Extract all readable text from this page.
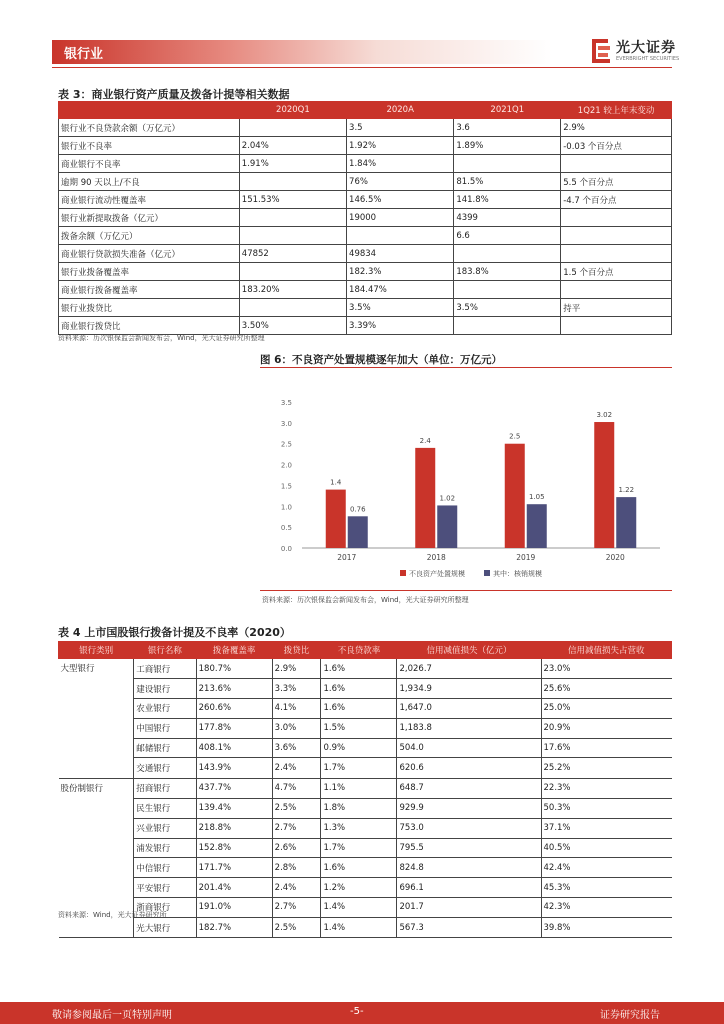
银行业	光大证券
EVERBRIGHT SECURITIES
表 3：商业银行资产质量及拨备计提等相关数据
	2020Q1	2020A	2021Q1	1Q21 较上年末变动
银行业不良贷款余额（万亿元）		3.5	3.6	2.9%
银行业不良率	2.04%	1.92%	1.89%	-0.03 个百分点
商业银行不良率	1.91%	1.84%		
逾期 90 天以上/不良		76%	81.5%	5.5 个百分点
商业银行流动性覆盖率	151.53%	146.5%	141.8%	-4.7 个百分点
银行业新提取拨备（亿元）		19000	4399	
拨备余额（万亿元）			6.6	
商业银行贷款损失准备（亿元）	47852	49834		
银行业拨备覆盖率		182.3%	183.8%	1.5 个百分点
商业银行拨备覆盖率	183.20%	184.47%		
银行业拨贷比		3.5%	3.5%	持平
商业银行拨贷比	3.50%	3.39%		
资料来源：历次银保监会新闻发布会，Wind，光大证券研究所整理
图 6：不良资产处置规模逐年加大（单位：万亿元）
0.0
0.5
1.0
1.5
2.0
2.5
3.0
3.5
1.4
0.76
2017
2.4
1.02
2018
2.5
1.05
2019
3.02
1.22
2020
不良资产处置规模	其中：核销规模
资料来源：历次银保监会新闻发布会，Wind，光大证券研究所整理
表 4 上市国股银行拨备计提及不良率（2020）
银行类别	银行名称	拨备覆盖率	拨贷比	不良贷款率	信用减值损失（亿元）	信用减值损失占营收
大型银行	工商银行	180.7%	2.9%	1.6%	2,026.7	23.0%
	建设银行	213.6%	3.3%	1.6%	1,934.9	25.6%
	农业银行	260.6%	4.1%	1.6%	1,647.0	25.0%
	中国银行	177.8%	3.0%	1.5%	1,183.8	20.9%
	邮储银行	408.1%	3.6%	0.9%	504.0	17.6%
	交通银行	143.9%	2.4%	1.7%	620.6	25.2%
股份制银行	招商银行	437.7%	4.7%	1.1%	648.7	22.3%
	民生银行	139.4%	2.5%	1.8%	929.9	50.3%
	兴业银行	218.8%	2.7%	1.3%	753.0	37.1%
	浦发银行	152.8%	2.6%	1.7%	795.5	40.5%
	中信银行	171.7%	2.8%	1.6%	824.8	42.4%
	平安银行	201.4%	2.4%	1.2%	696.1	45.3%
	浙商银行	191.0%	2.7%	1.4%	201.7	42.3%
	光大银行	182.7%	2.5%	1.4%	567.3	39.8%
资料来源：Wind，光大证券研究所
敬请参阅最后一页特别声明	-5-	证券研究报告
